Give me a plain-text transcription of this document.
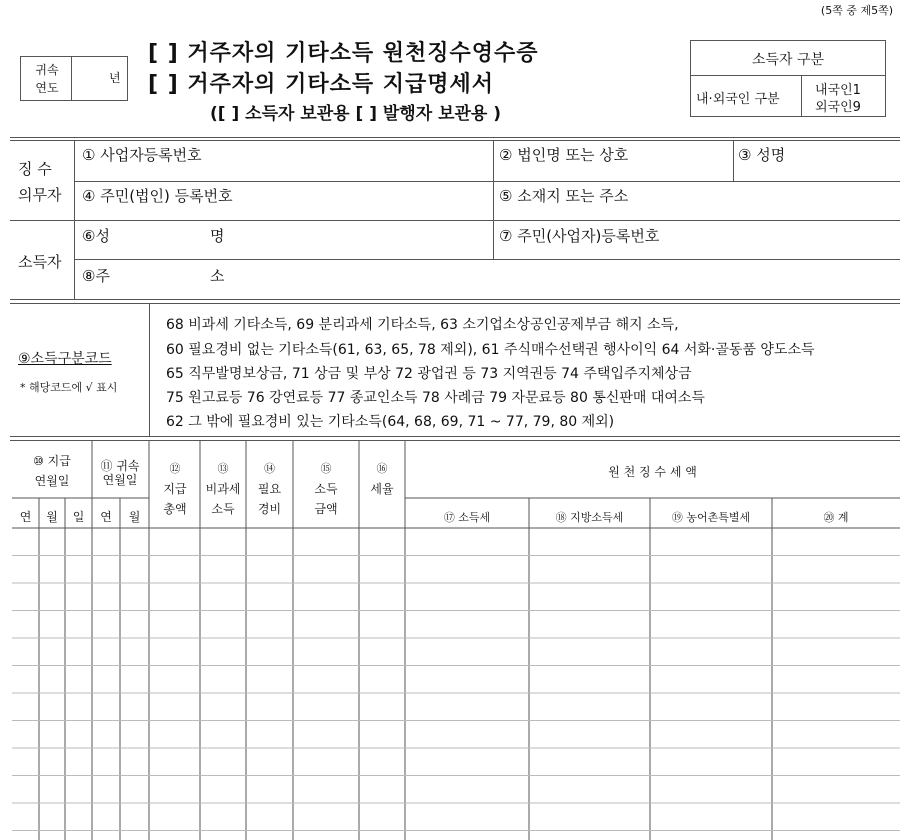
(5쪽 중 제5쪽)
귀속
연도
년
[ ] 거주자의 기타소득 원천징수영수증
[ ] 거주자의 기타소득 지급명세서
([ ] 소득자 보관용 [ ] 발행자 보관용 )
소득자 구분
내·외국인 구분
내국인1
외국인9
징 수
의무자
① 사업자등록번호	② 법인명 또는 상호	③ 성명
④ 주민(법인) 등록번호	⑤ 소재지 또는 주소
소득자
⑥성	명	⑦ 주민(사업자)등록번호
⑧주	소
⑨소득구분코드
* 해당코드에 √ 표시
68 비과세 기타소득, 69 분리과세 기타소득, 63 소기업소상공인공제부금 해지 소득,
60 필요경비 없는 기타소득(61, 63, 65, 78 제외), 61 주식매수선택권 행사이익 64 서화·골동품 양도소득
65 직무발명보상금, 71 상금 및 부상 72 광업권 등 73 지역권등 74 주택입주지체상금
75 원고료등 76 강연료등 77 종교인소득 78 사례금 79 자문료등 80 통신판매 대여소득
62 그 밖에 필요경비 있는 기타소득(64, 68, 69, 71 ~ 77, 79, 80 제외)
⑩ 지급
연월일
⑪ 귀속
연월일
⑫
지급
총액
⑬
비과세
소득
⑭
필요
경비
⑮
소득
금액
⑯
세율
원 천 징 수 세 액
연	월	일	연	월	⑰ 소득세	⑱ 지방소득세	⑲ 농어촌특별세	⑳ 계
